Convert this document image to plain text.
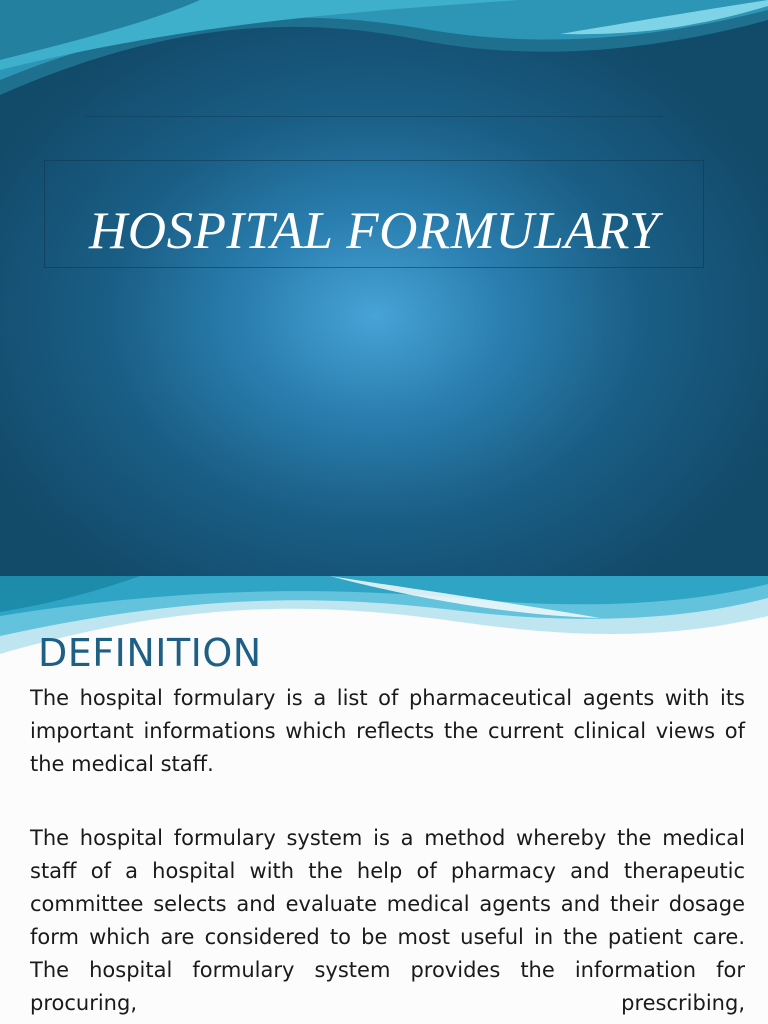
HOSPITAL FORMULARY
DEFINITION
The hospital formulary is a list of pharmaceutical agents with its important informations which reflects the current clinical views of the medical staff.
The hospital formulary system is a method whereby the medical staff of a hospital with the help of pharmacy and therapeutic committee selects and evaluate medical agents and their dosage form which are considered to be most useful in the patient care. The hospital formulary system provides the information for procuring, prescribing,
